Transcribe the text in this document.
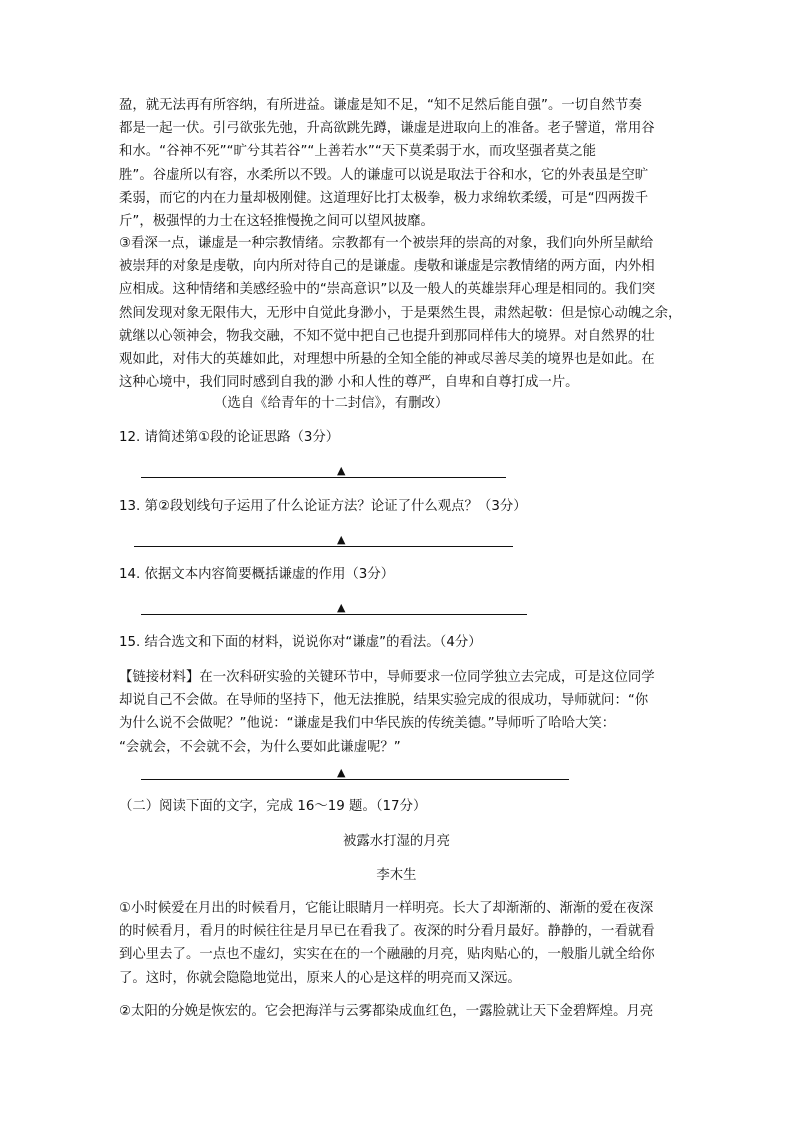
盈，就无法再有所容纳，有所进益。谦虚是知不足，“知不足然后能自强”。一切自然节奏
都是一起一伏。引弓欲张先弛，升高欲跳先蹲，谦虚是进取向上的准备。老子譬道，常用谷
和水。“谷神不死”“旷兮其若谷”“上善若水”“天下莫柔弱于水，而攻坚强者莫之能
胜”。谷虚所以有容，水柔所以不毁。人的谦虚可以说是取法于谷和水，它的外表虽是空旷
柔弱，而它的内在力量却极刚健。这道理好比打太极拳，极力求绵软柔缓，可是“四两拨千
斤”，极强悍的力士在这轻推慢挽之间可以望风披靡。
③看深一点，谦虚是一种宗教情绪。宗教都有一个被崇拜的崇高的对象，我们向外所呈献给
被崇拜的对象是虔敬，向内所对待自己的是谦虚。虔敬和谦虚是宗教情绪的两方面，内外相
应相成。这种情绪和美感经验中的“崇高意识”以及一般人的英雄崇拜心理是相同的。我们突
然间发现对象无限伟大，无形中自觉此身渺小，于是栗然生畏，肃然起敬：但是惊心动魄之余，
就继以心领神会，物我交融，不知不觉中把自己也提升到那同样伟大的境界。对自然界的壮
观如此，对伟大的英雄如此，对理想中所悬的全知全能的神或尽善尽美的境界也是如此。在
这种心境中，我们同时感到自我的渺 小和人性的尊严，自卑和自尊打成一片。
（选自《给青年的十二封信》，有删改）
12. 请简述第①段的论证思路（3分）
▲
13. 第②段划线句子运用了什么论证方法？论证了什么观点？（3分）
▲
14. 依据文本内容简要概括谦虚的作用（3分）
▲
15. 结合选文和下面的材料，说说你对“谦虚”的看法。（4分）
【链接材料】在一次科研实验的关键环节中，导师要求一位同学独立去完成，可是这位同学
却说自己不会做。在导师的坚持下，他无法推脱，结果实验完成的很成功，导师就问：“你
为什么说不会做呢？”他说：“谦虚是我们中华民族的传统美德。”导师听了哈哈大笑：
“会就会，不会就不会，为什么要如此谦虚呢？”
▲
（二）阅读下面的文字，完成 16～19 题。（17分）
被露水打湿的月亮
李木生
①小时候爱在月出的时候看月，它能让眼睛月一样明亮。长大了却渐渐的、渐渐的爱在夜深
的时候看月，看月的时候往往是月早已在看我了。夜深的时分看月最好。静静的，一看就看
到心里去了。一点也不虚幻，实实在在的一个融融的月亮，贴肉贴心的，一般脂儿就全给你
了。这时，你就会隐隐地觉出，原来人的心是这样的明亮而又深远。
②太阳的分娩是恢宏的。它会把海洋与云雾都染成血红色，一露脸就让天下金碧辉煌。月亮
